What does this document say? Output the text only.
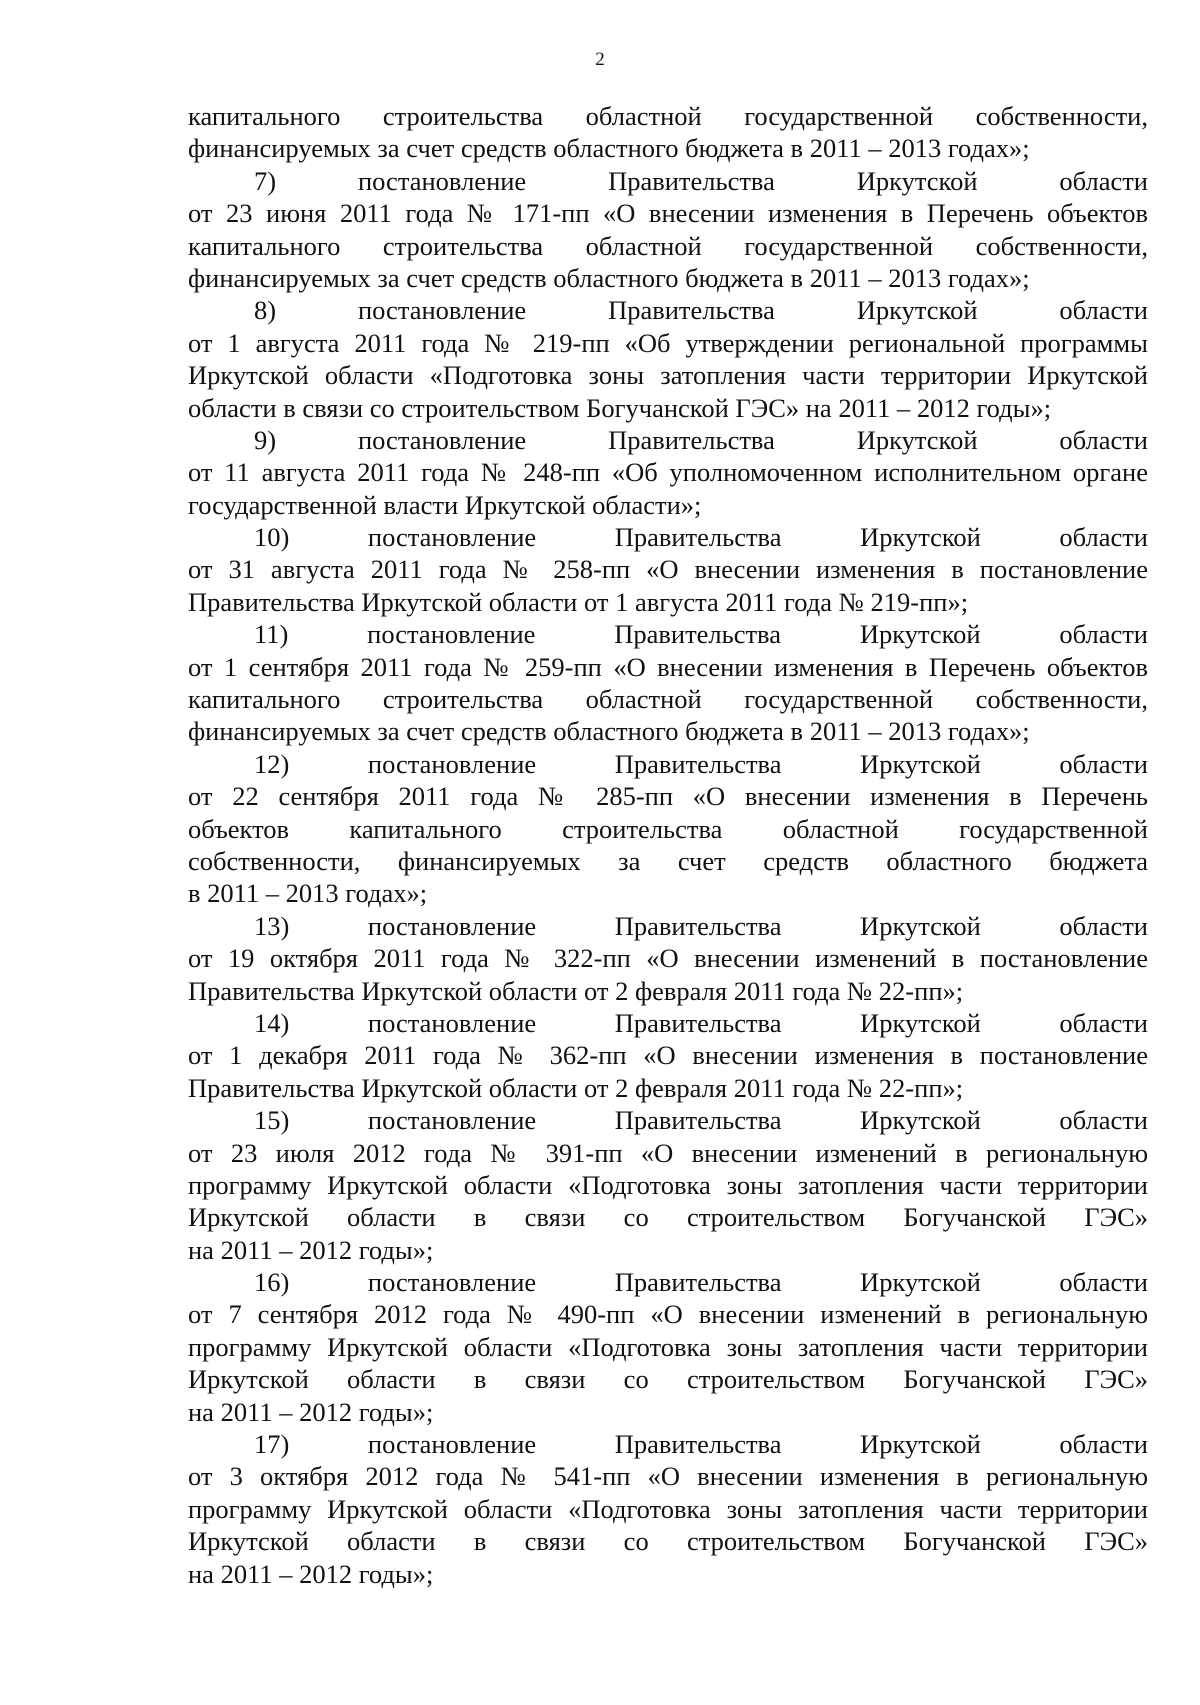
2
капитального строительства областной государственной собственности,
финансируемых за счет средств областного бюджета в 2011 – 2013 годах»;
7) постановление Правительства Иркутской области
от 23 июня 2011 года № 171-пп «О внесении изменения в Перечень объектов
капитального строительства областной государственной собственности,
финансируемых за счет средств областного бюджета в 2011 – 2013 годах»;
8) постановление Правительства Иркутской области
от 1 августа 2011 года № 219-пп «Об утверждении региональной программы
Иркутской области «Подготовка зоны затопления части территории Иркутской
области в связи со строительством Богучанской ГЭС» на 2011 – 2012 годы»;
9) постановление Правительства Иркутской области
от 11 августа 2011 года № 248-пп «Об уполномоченном исполнительном органе
государственной власти Иркутской области»;
10) постановление Правительства Иркутской области
от 31 августа 2011 года № 258-пп «О внесении изменения в постановление
Правительства Иркутской области от 1 августа 2011 года № 219-пп»;
11) постановление Правительства Иркутской области
от 1 сентября 2011 года № 259-пп «О внесении изменения в Перечень объектов
капитального строительства областной государственной собственности,
финансируемых за счет средств областного бюджета в 2011 – 2013 годах»;
12) постановление Правительства Иркутской области
от 22 сентября 2011 года № 285-пп «О внесении изменения в Перечень
объектов капитального строительства областной государственной
собственности, финансируемых за счет средств областного бюджета
в 2011 – 2013 годах»;
13) постановление Правительства Иркутской области
от 19 октября 2011 года № 322-пп «О внесении изменений в постановление
Правительства Иркутской области от 2 февраля 2011 года № 22-пп»;
14) постановление Правительства Иркутской области
от 1 декабря 2011 года № 362-пп «О внесении изменения в постановление
Правительства Иркутской области от 2 февраля 2011 года № 22-пп»;
15) постановление Правительства Иркутской области
от 23 июля 2012 года № 391-пп «О внесении изменений в региональную
программу Иркутской области «Подготовка зоны затопления части территории
Иркутской области в связи со строительством Богучанской ГЭС»
на 2011 – 2012 годы»;
16) постановление Правительства Иркутской области
от 7 сентября 2012 года № 490-пп «О внесении изменений в региональную
программу Иркутской области «Подготовка зоны затопления части территории
Иркутской области в связи со строительством Богучанской ГЭС»
на 2011 – 2012 годы»;
17) постановление Правительства Иркутской области
от 3 октября 2012 года № 541-пп «О внесении изменения в региональную
программу Иркутской области «Подготовка зоны затопления части территории
Иркутской области в связи со строительством Богучанской ГЭС»
на 2011 – 2012 годы»;
